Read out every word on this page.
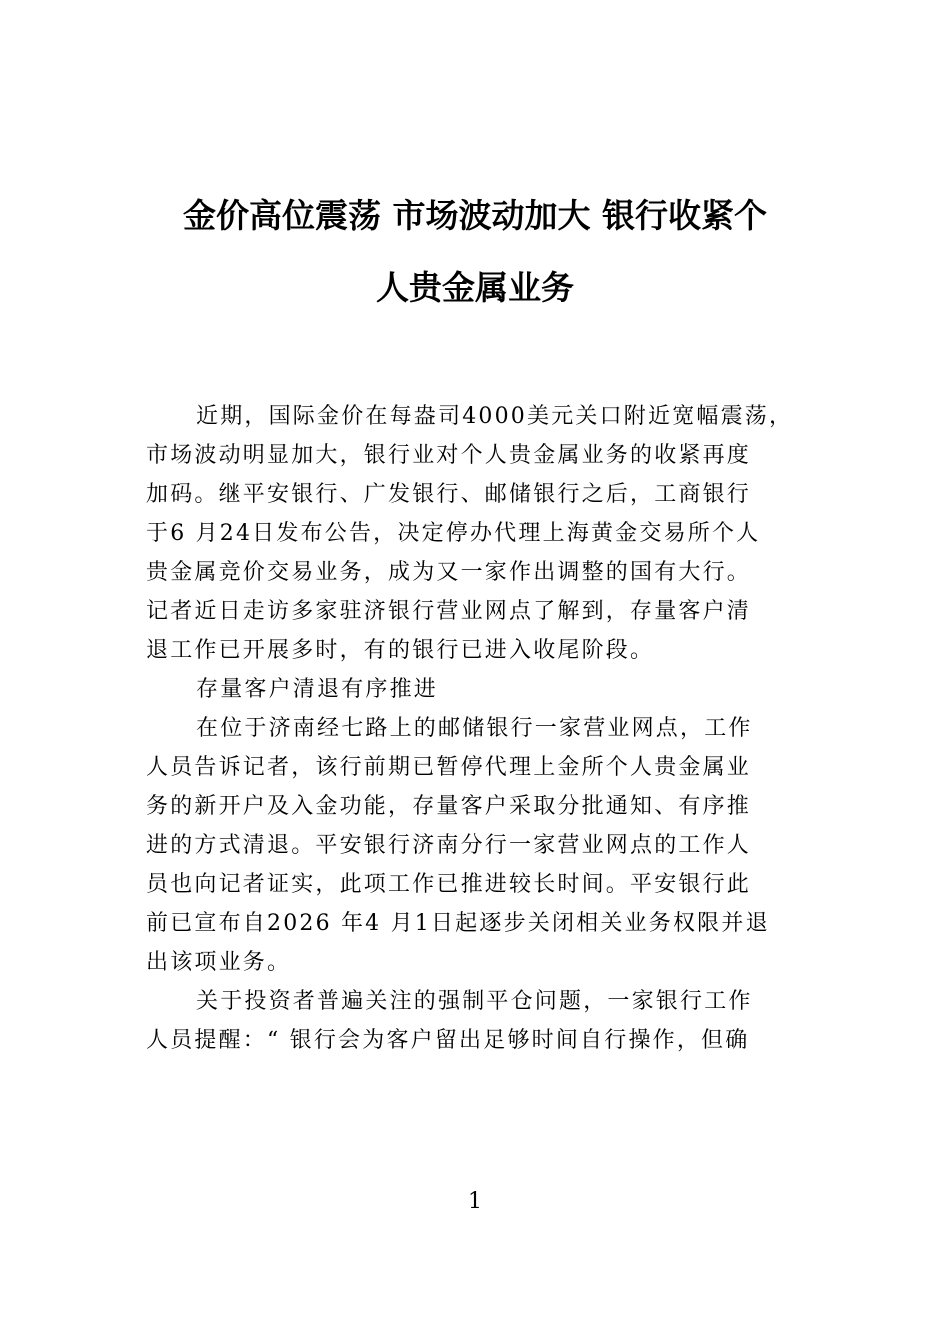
金价高位震荡 市场波动加大 银行收紧个
人贵金属业务
近期，国际金价在每盎司4000美元关口附近宽幅震荡，
市场波动明显加大，银行业对个人贵金属业务的收紧再度
加码。继平安银行、广发银行、邮储银行之后，工商银行
于6 月24日发布公告，决定停办代理上海黄金交易所个人
贵金属竞价交易业务，成为又一家作出调整的国有大行。
记者近日走访多家驻济银行营业网点了解到，存量客户清
退工作已开展多时，有的银行已进入收尾阶段。
存量客户清退有序推进
在位于济南经七路上的邮储银行一家营业网点，工作
人员告诉记者，该行前期已暂停代理上金所个人贵金属业
务的新开户及入金功能，存量客户采取分批通知、有序推
进的方式清退。平安银行济南分行一家营业网点的工作人
员也向记者证实，此项工作已推进较长时间。平安银行此
前已宣布自2026 年4 月1日起逐步关闭相关业务权限并退
出该项业务。
关于投资者普遍关注的强制平仓问题，一家银行工作
人员提醒：“ 银行会为客户留出足够时间自行操作，但确
1
